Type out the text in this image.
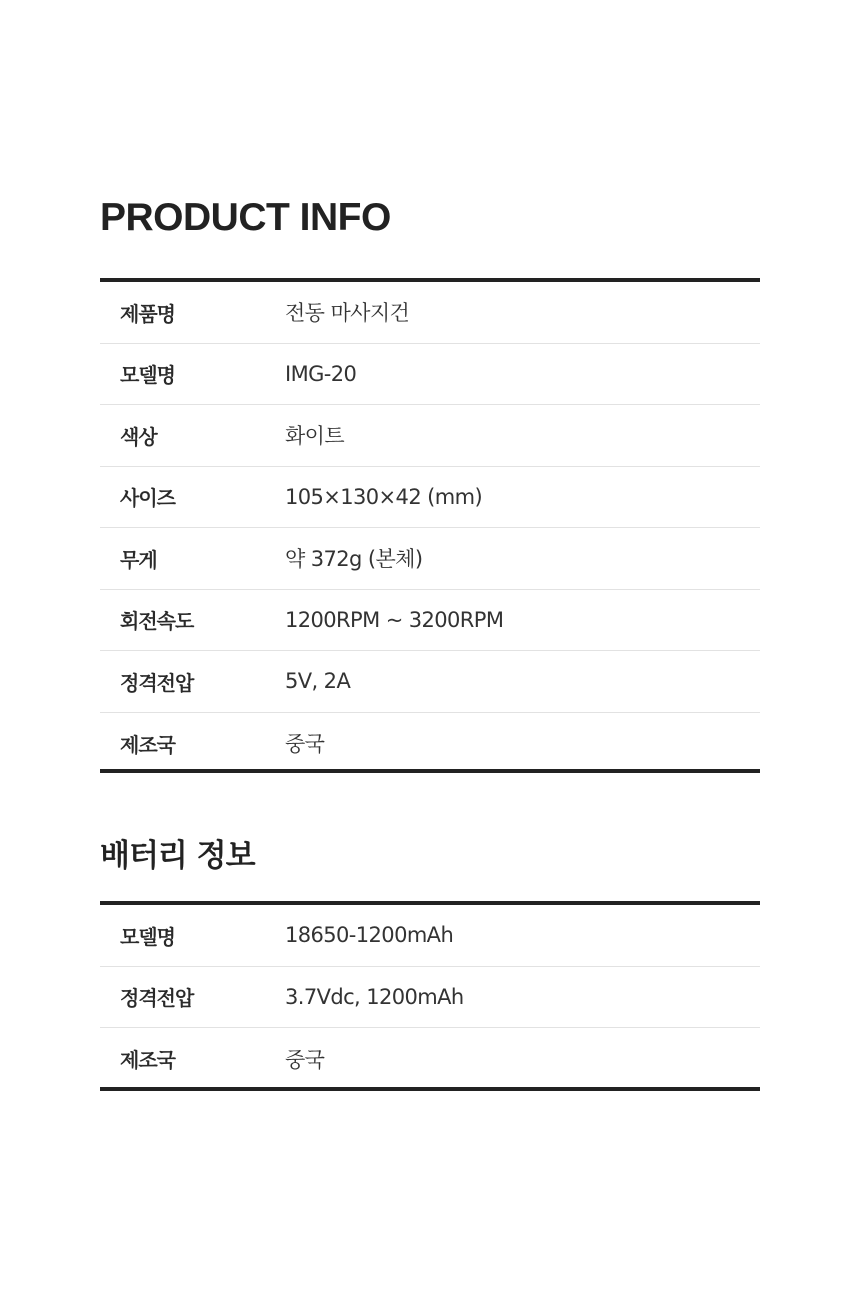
PRODUCT INFO
제품명	전동 마사지건
모델명	IMG-20
색상	화이트
사이즈	105×130×42 (mm)
무게	약 372g (본체)
회전속도	1200RPM ~ 3200RPM
정격전압	5V, 2A
제조국	중국
배터리 정보
모델명	18650-1200mAh
정격전압	3.7Vdc, 1200mAh
제조국	중국
